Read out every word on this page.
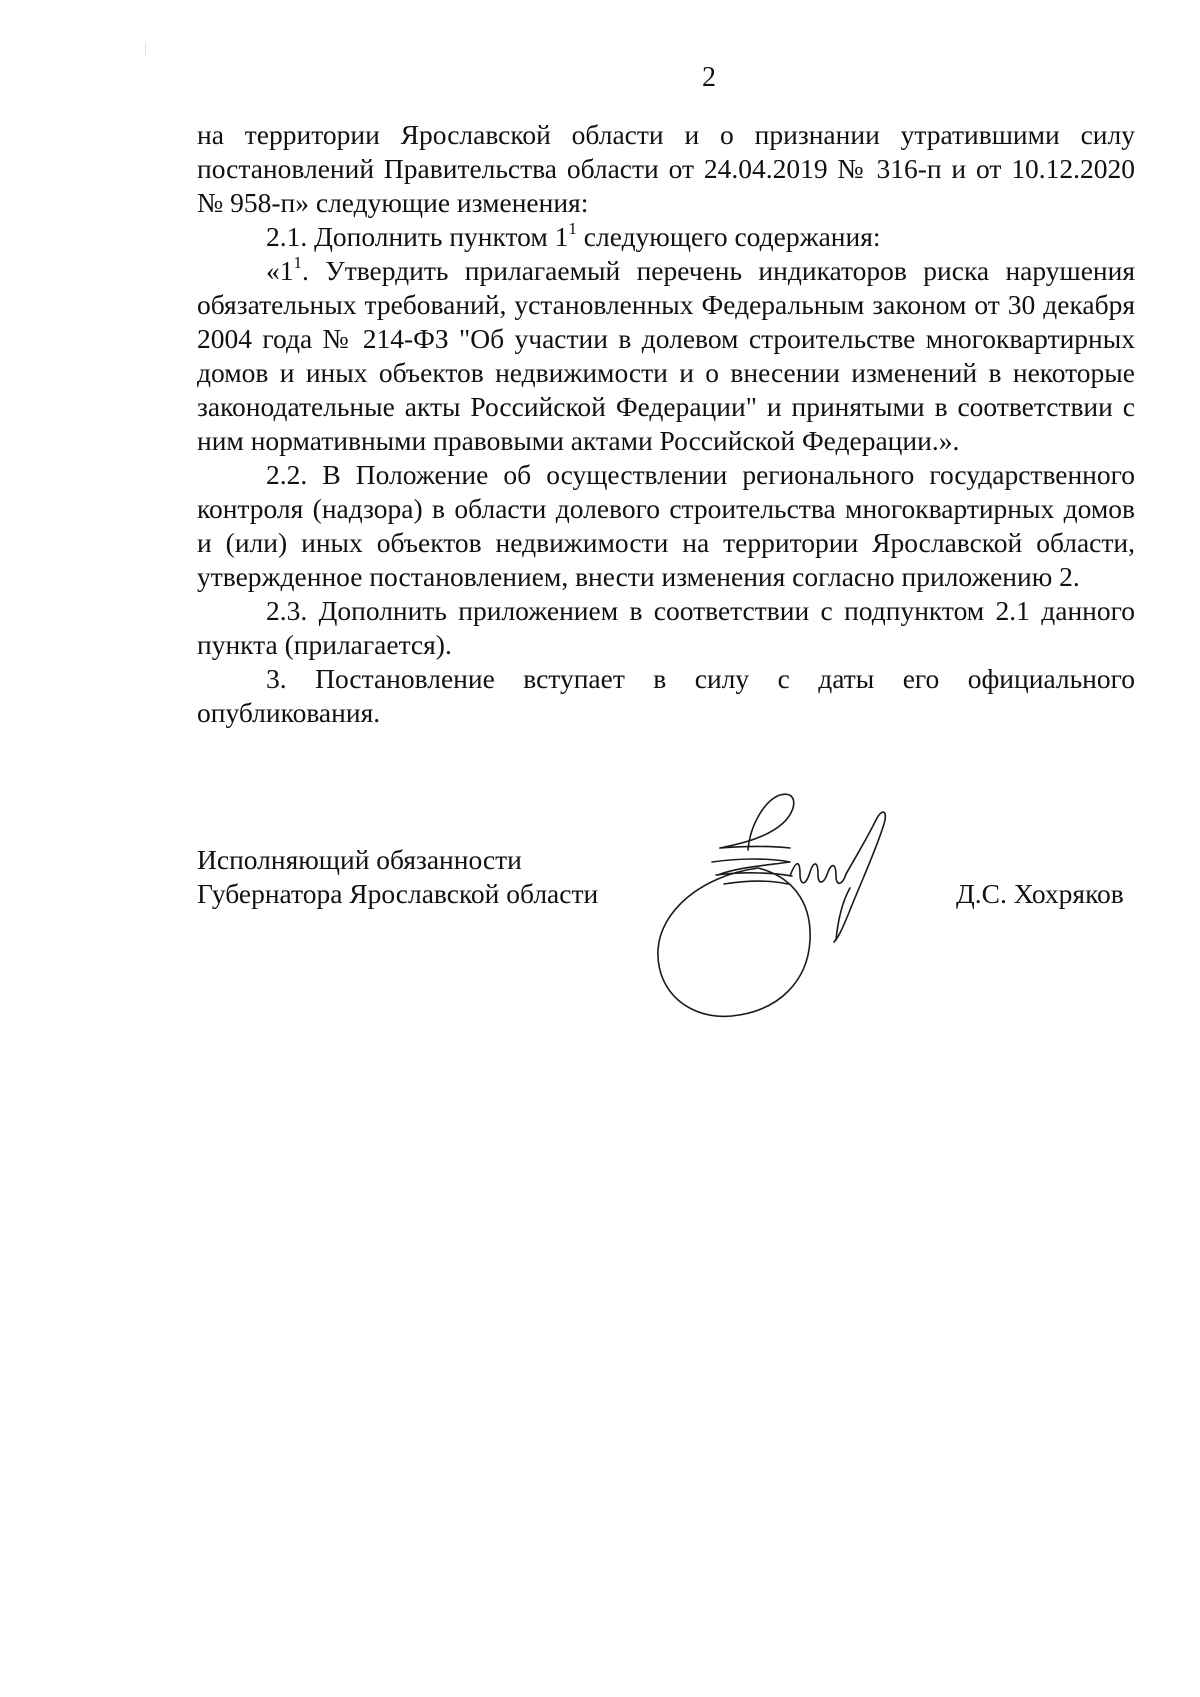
2

на территории Ярославской области и о признании утратившими силу постановлений Правительства области от 24.04.2019 № 316-п и от 10.12.2020 № 958-п» следующие изменения:

2.1. Дополнить пунктом $1^1$ следующего содержания:

«$1^1$. Утвердить прилагаемый перечень индикаторов риска нарушения обязательных требований, установленных Федеральным законом от 30 декабря 2004 года № 214-ФЗ "Об участии в долевом строительстве многоквартирных домов и иных объектов недвижимости и о внесении изменений в некоторые законодательные акты Российской Федерации" и принятыми в соответствии с ним нормативными правовыми актами Российской Федерации.».

2.2. В Положение об осуществлении регионального государственного контроля (надзора) в области долевого строительства многоквартирных домов и (или) иных объектов недвижимости на территории Ярославской области, утвержденное постановлением, внести изменения согласно приложению 2.

2.3. Дополнить приложением в соответствии с подпунктом 2.1 данного пункта (прилагается).

3. Постановление вступает в силу с даты его официального опубликования.

Исполняющий обязанности
Губернатора Ярославской области	Д.С. Хохряков
